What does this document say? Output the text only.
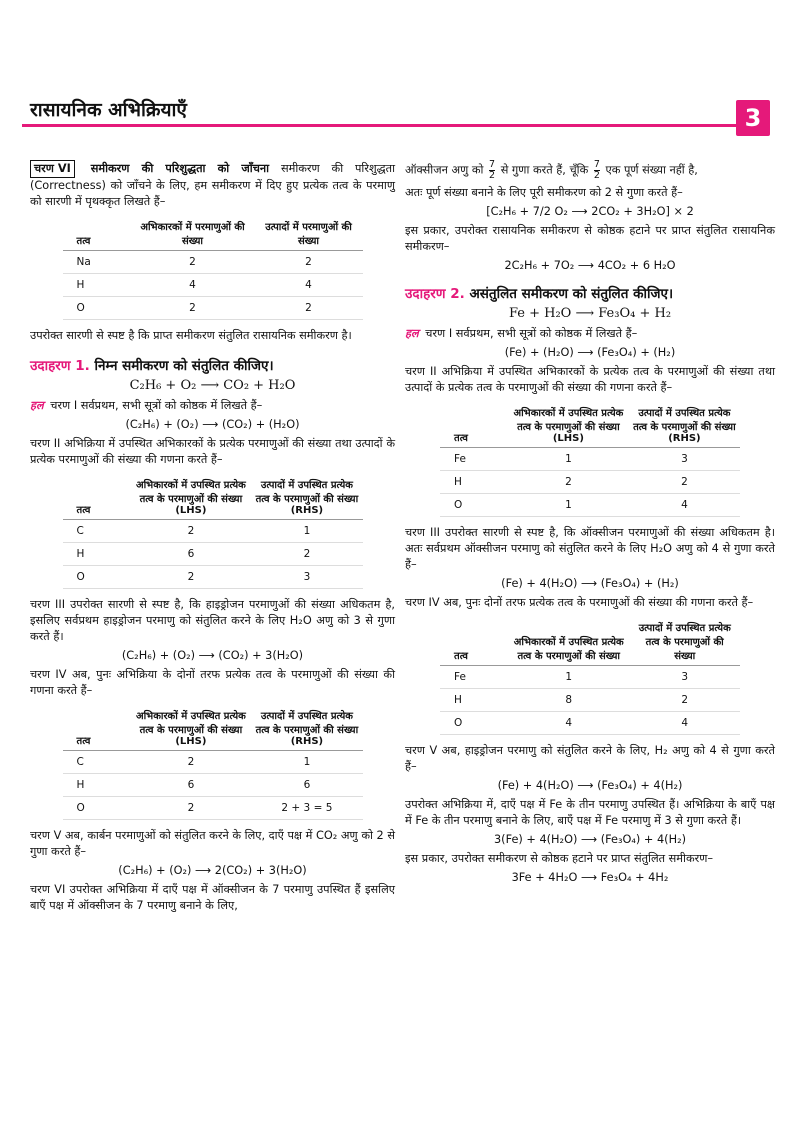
रासायनिक अभिक्रियाएँ	3

चरण VI समीकरण की परिशुद्धता को जाँचना समीकरण की परिशुद्धता (Correctness) को जाँचने के लिए, हम समीकरण में दिए हुए प्रत्येक तत्व के परमाणु को सारणी में पृथक्कृत लिखते हैं–

तत्व	अभिकारकों में परमाणुओं की संख्या	उत्पादों में परमाणुओं की संख्या
Na	2	2
H	4	4
O	2	2

उपरोक्त सारणी से स्पष्ट है कि प्राप्त समीकरण संतुलित रासायनिक समीकरण है।

उदाहरण 1. निम्न समीकरण को संतुलित कीजिए।
C₂H₆ + O₂ ⟶ CO₂ + H₂O

हल चरण I सर्वप्रथम, सभी सूत्रों को कोष्ठक में लिखते हैं–

(C₂H₆) + (O₂) ⟶ (CO₂) + (H₂O)

चरण II अभिक्रिया में उपस्थित अभिकारकों के प्रत्येक परमाणुओं की संख्या तथा उत्पादों के प्रत्येक परमाणुओं की संख्या की गणना करते हैं–

तत्व	अभिकारकों में उपस्थित प्रत्येक तत्व के परमाणुओं की संख्या (LHS)	उत्पादों में उपस्थित प्रत्येक तत्व के परमाणुओं की संख्या (RHS)
C	2	1
H	6	2
O	2	3

चरण III उपरोक्त सारणी से स्पष्ट है, कि हाइड्रोजन परमाणुओं की संख्या अधिकतम है, इसलिए सर्वप्रथम हाइड्रोजन परमाणु को संतुलित करने के लिए H₂O अणु को 3 से गुणा करते हैं।

(C₂H₆) + (O₂) ⟶ (CO₂) + 3(H₂O)

चरण IV अब, पुनः अभिक्रिया के दोनों तरफ प्रत्येक तत्व के परमाणुओं की संख्या की गणना करते हैं–

तत्व	अभिकारकों में उपस्थित प्रत्येक तत्व के परमाणुओं की संख्या (LHS)	उत्पादों में उपस्थित प्रत्येक तत्व के परमाणुओं की संख्या (RHS)
C	2	1
H	6	6
O	2	2 + 3 = 5

चरण V अब, कार्बन परमाणुओं को संतुलित करने के लिए, दाएँ पक्ष में CO₂ अणु को 2 से गुणा करते हैं–

(C₂H₆) + (O₂) ⟶ 2(CO₂) + 3(H₂O)

चरण VI उपरोक्त अभिक्रिया में दाएँ पक्ष में ऑक्सीजन के 7 परमाणु उपस्थित हैं इसलिए बाएँ पक्ष में ऑक्सीजन के 7 परमाणु बनाने के लिए,

ऑक्सीजन अणु को $\frac{7}{2}$ से गुणा करते हैं, चूँकि $\frac{7}{2}$ एक पूर्ण संख्या नहीं है,

अतः पूर्ण संख्या बनाने के लिए पूरी समीकरण को 2 से गुणा करते हैं–

[C₂H₆ + 7/2 O₂ ⟶ 2CO₂ + 3H₂O] × 2

इस प्रकार, उपरोक्त रासायनिक समीकरण से कोष्ठक हटाने पर प्राप्त संतुलित रासायनिक समीकरण–

2C₂H₆ + 7O₂ ⟶ 4CO₂ + 6 H₂O
उदाहरण 2. असंतुलित समीकरण को संतुलित कीजिए।
Fe + H₂O ⟶ Fe₃O₄ + H₂

हल चरण I सर्वप्रथम, सभी सूत्रों को कोष्ठक में लिखते हैं–

(Fe) + (H₂O) ⟶ (Fe₃O₄) + (H₂)

चरण II अभिक्रिया में उपस्थित अभिकारकों के प्रत्येक तत्व के परमाणुओं की संख्या तथा उत्पादों के प्रत्येक तत्व के परमाणुओं की संख्या की गणना करते हैं–

तत्व	अभिकारकों में उपस्थित प्रत्येक तत्व के परमाणुओं की संख्या (LHS)	उत्पादों में उपस्थित प्रत्येक तत्व के परमाणुओं की संख्या (RHS)
Fe	1	3
H	2	2
O	1	4

चरण III उपरोक्त सारणी से स्पष्ट है, कि ऑक्सीजन परमाणुओं की संख्या अधिकतम है। अतः सर्वप्रथम ऑक्सीजन परमाणु को संतुलित करने के लिए H₂O अणु को 4 से गुणा करते हैं–

(Fe) + 4(H₂O) ⟶ (Fe₃O₄) + (H₂)

चरण IV अब, पुनः दोनों तरफ प्रत्येक तत्व के परमाणुओं की संख्या की गणना करते हैं–

तत्व	अभिकारकों में उपस्थित प्रत्येक तत्व के परमाणुओं की संख्या	उत्पादों में उपस्थित प्रत्येक तत्व के परमाणुओं की संख्या
Fe	1	3
H	8	2
O	4	4

चरण V अब, हाइड्रोजन परमाणु को संतुलित करने के लिए, H₂ अणु को 4 से गुणा करते हैं–

(Fe) + 4(H₂O) ⟶ (Fe₃O₄) + 4(H₂)

उपरोक्त अभिक्रिया में, दाएँ पक्ष में Fe के तीन परमाणु उपस्थित हैं। अभिक्रिया के बाएँ पक्ष में Fe के तीन परमाणु बनाने के लिए, बाएँ पक्ष में Fe परमाणु में 3 से गुणा करते हैं।

3(Fe) + 4(H₂O) ⟶ (Fe₃O₄) + 4(H₂)

इस प्रकार, उपरोक्त समीकरण से कोष्ठक हटाने पर प्राप्त संतुलित समीकरण–

3Fe + 4H₂O ⟶ Fe₃O₄ + 4H₂
